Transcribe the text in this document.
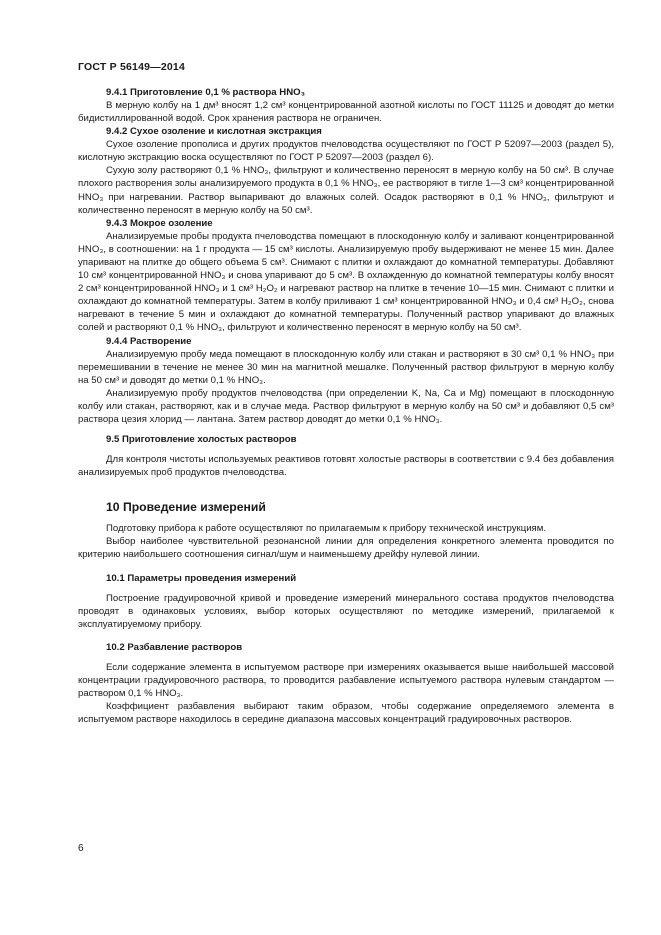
ГОСТ Р 56149—2014
9.4.1 Приготовление 0,1 % раствора HNO₃

В мерную колбу на 1 дм³ вносят 1,2 см³ концентрированной азотной кислоты по ГОСТ 11125 и доводят до метки бидистиллированной водой. Срок хранения раствора не ограничен.

9.4.2 Сухое озоление и кислотная экстракция

Сухое озоление прополиса и других продуктов пчеловодства осуществляют по ГОСТ Р 52097—2003 (раздел 5), кислотную экстракцию воска осуществляют по ГОСТ Р 52097—2003 (раздел 6).

Сухую золу растворяют 0,1 % HNO₃, фильтруют и количественно переносят в мерную колбу на 50 см³. В случае плохого растворения золы анализируемого продукта в 0,1 % HNO₃, ее растворяют в тигле 1—3 см³ концентрированной HNO₃ при нагревании. Раствор выпаривают до влажных солей. Осадок растворяют в 0,1 % HNO₃, фильтруют и количественно переносят в мерную колбу на 50 см³.

9.4.3 Мокрое озоление

Анализируемые пробы продукта пчеловодства помещают в плоскодонную колбу и заливают концентрированной HNO₃, в соотношении: на 1 г продукта — 15 см³ кислоты. Анализируемую пробу выдерживают не менее 15 мин. Далее упаривают на плитке до общего объема 5 см³. Снимают с плитки и охлаждают до комнатной температуры. Добавляют 10 см³ концентрированной HNO₃ и снова упаривают до 5 см³. В охлажденную до комнатной температуры колбу вносят 2 см³ концентрированной HNO₃ и 1 см³ H₂O₂ и нагревают раствор на плитке в течение 10—15 мин. Снимают с плитки и охлаждают до комнатной температуры. Затем в колбу приливают 1 см³ концентрированной HNO₃ и 0,4 см³ H₂O₂, снова нагревают в течение 5 мин и охлаждают до комнатной температуры. Полученный раствор упаривают до влажных солей и растворяют 0,1 % HNO₃, фильтруют и количественно переносят в мерную колбу на 50 см³.

9.4.4 Растворение

Анализируемую пробу меда помещают в плоскодонную колбу или стакан и растворяют в 30 см³ 0,1 % HNO₃ при перемешивании в течение не менее 30 мин на магнитной мешалке. Полученный раствор фильтруют в мерную колбу на 50 см³ и доводят до метки 0,1 % HNO₃.

Анализируемую пробу продуктов пчеловодства (при определении K, Na, Ca и Mg) помещают в плоскодонную колбу или стакан, растворяют, как и в случае меда. Раствор фильтруют в мерную колбу на 50 см³ и добавляют 0,5 см³ раствора цезия хлорид — лантана. Затем раствор доводят до метки 0,1 % HNO₃.

9.5 Приготовление холостых растворов

Для контроля чистоты используемых реактивов готовят холостые растворы в соответствии с 9.4 без добавления анализируемых проб продуктов пчеловодства.

10 Проведение измерений

Подготовку прибора к работе осуществляют по прилагаемым к прибору технической инструкциям.

Выбор наиболее чувствительной резонансной линии для определения конкретного элемента проводится по критерию наибольшего соотношения сигнал/шум и наименьшему дрейфу нулевой линии.

10.1 Параметры проведения измерений

Построение градуировочной кривой и проведение измерений минерального состава продуктов пчеловодства проводят в одинаковых условиях, выбор которых осуществляют по методике измерений, прилагаемой к эксплуатируемому прибору.

10.2 Разбавление растворов

Если содержание элемента в испытуемом растворе при измерениях оказывается выше наибольшей массовой концентрации градуировочного раствора, то проводится разбавление испытуемого раствора нулевым стандартом — раствором 0,1 % HNO₃.

Коэффициент разбавления выбирают таким образом, чтобы содержание определяемого элемента в испытуемом растворе находилось в середине диапазона массовых концентраций градуировочных растворов.

6
